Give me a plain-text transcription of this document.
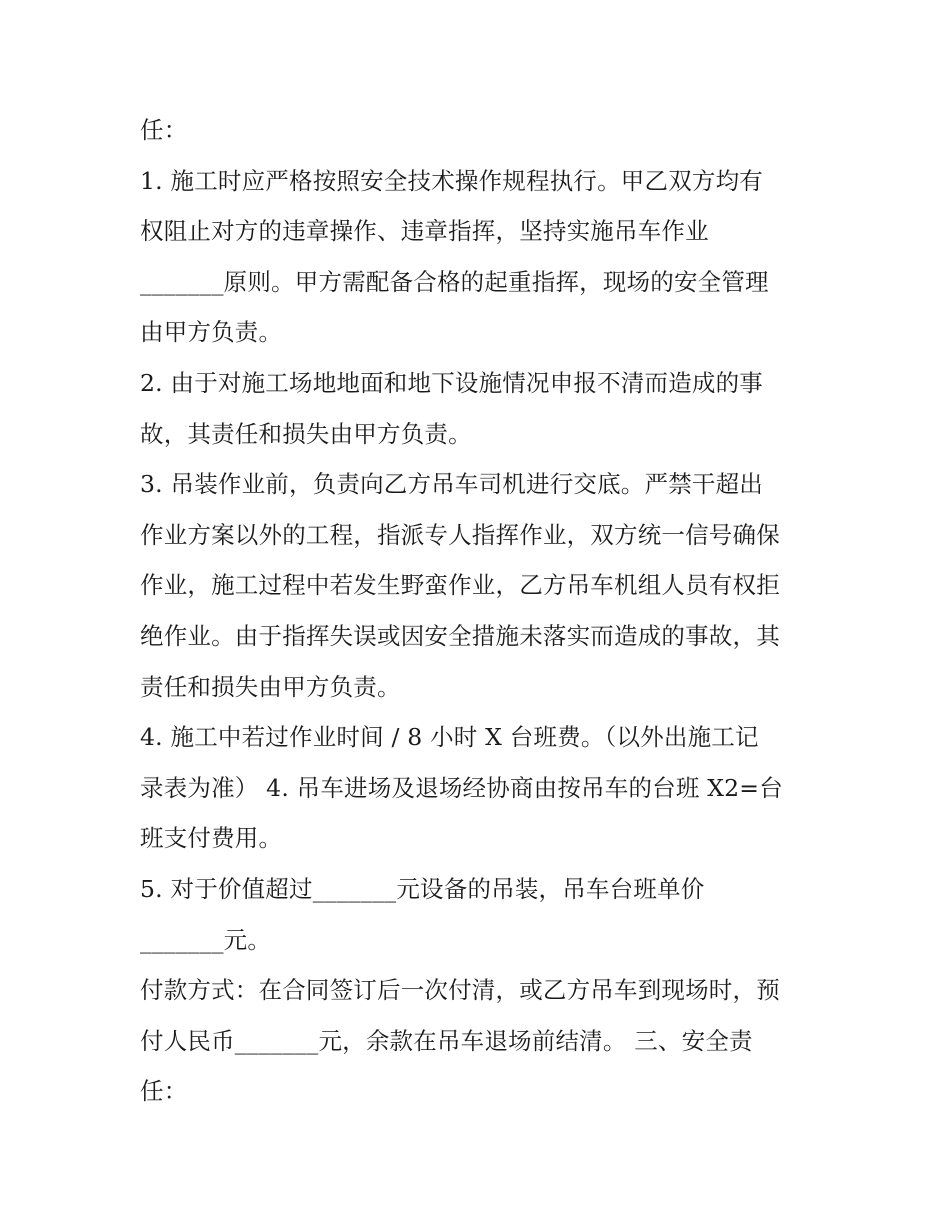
任：

1. 施工时应严格按照安全技术操作规程执行。甲乙双方均有

权阻止对方的违章操作、违章指挥，坚持实施吊车作业

_______原则。甲方需配备合格的起重指挥，现场的安全管理

由甲方负责。

2. 由于对施工场地地面和地下设施情况申报不清而造成的事

故，其责任和损失由甲方负责。

3. 吊装作业前，负责向乙方吊车司机进行交底。严禁干超出

作业方案以外的工程，指派专人指挥作业，双方统一信号确保

作业，施工过程中若发生野蛮作业，乙方吊车机组人员有权拒

绝作业。由于指挥失误或因安全措施未落实而造成的事故，其

责任和损失由甲方负责。

4. 施工中若过作业时间 / 8 小时 X 台班费。（以外出施工记

录表为准） 4. 吊车进场及退场经协商由按吊车的台班 X2=台

班支付费用。

5. 对于价值超过_______元设备的吊装，吊车台班单价

_______元。

付款方式：在合同签订后一次付清，或乙方吊车到现场时，预

付人民币_______元，余款在吊车退场前结清。 三、安全责

任：
